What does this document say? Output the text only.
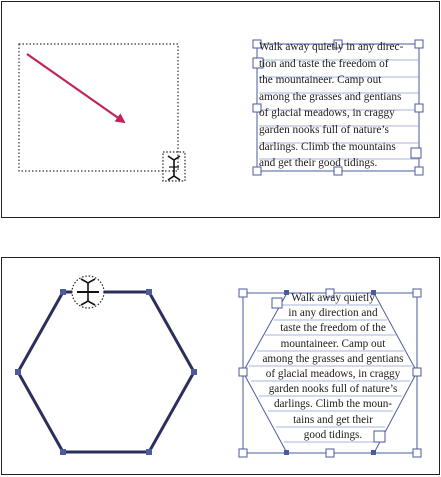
Walk away quietly in any direc-
tion and taste the freedom of
the mountaineer. Camp out
among the grasses and gentians
of glacial meadows, in craggy
garden nooks full of nature’s
darlings. Climb the mountains
and get their good tidings.
Walk away quietly
in any direction and
taste the freedom of the
mountaineer. Camp out
among the grasses and gentians
of glacial meadows, in craggy
garden nooks full of nature’s
darlings. Climb the moun-
tains and get their
good tidings.
